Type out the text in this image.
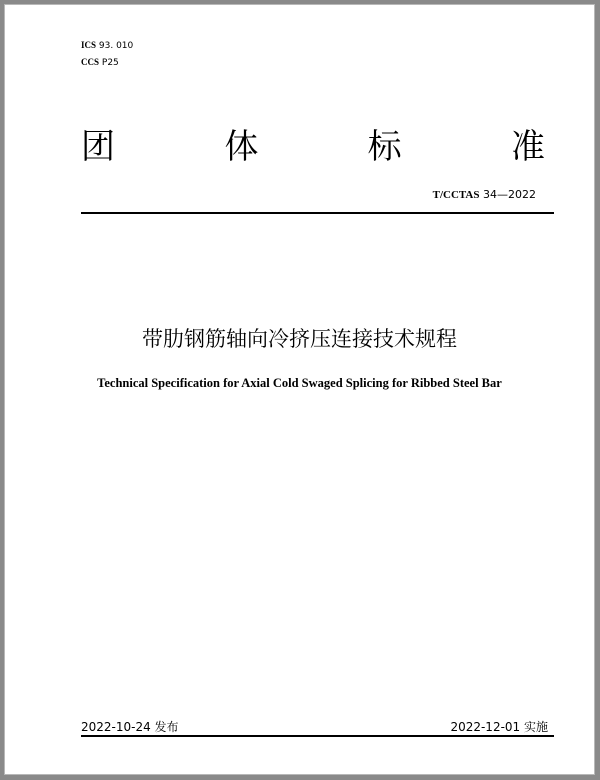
ICS 93. 010
CCS P25
团	体	标	准
T/CCTAS 34—2022
带肋钢筋轴向冷挤压连接技术规程
Technical Specification for Axial Cold Swaged Splicing for Ribbed Steel Bar
2022-10-24 发布	2022-12-01 实施
